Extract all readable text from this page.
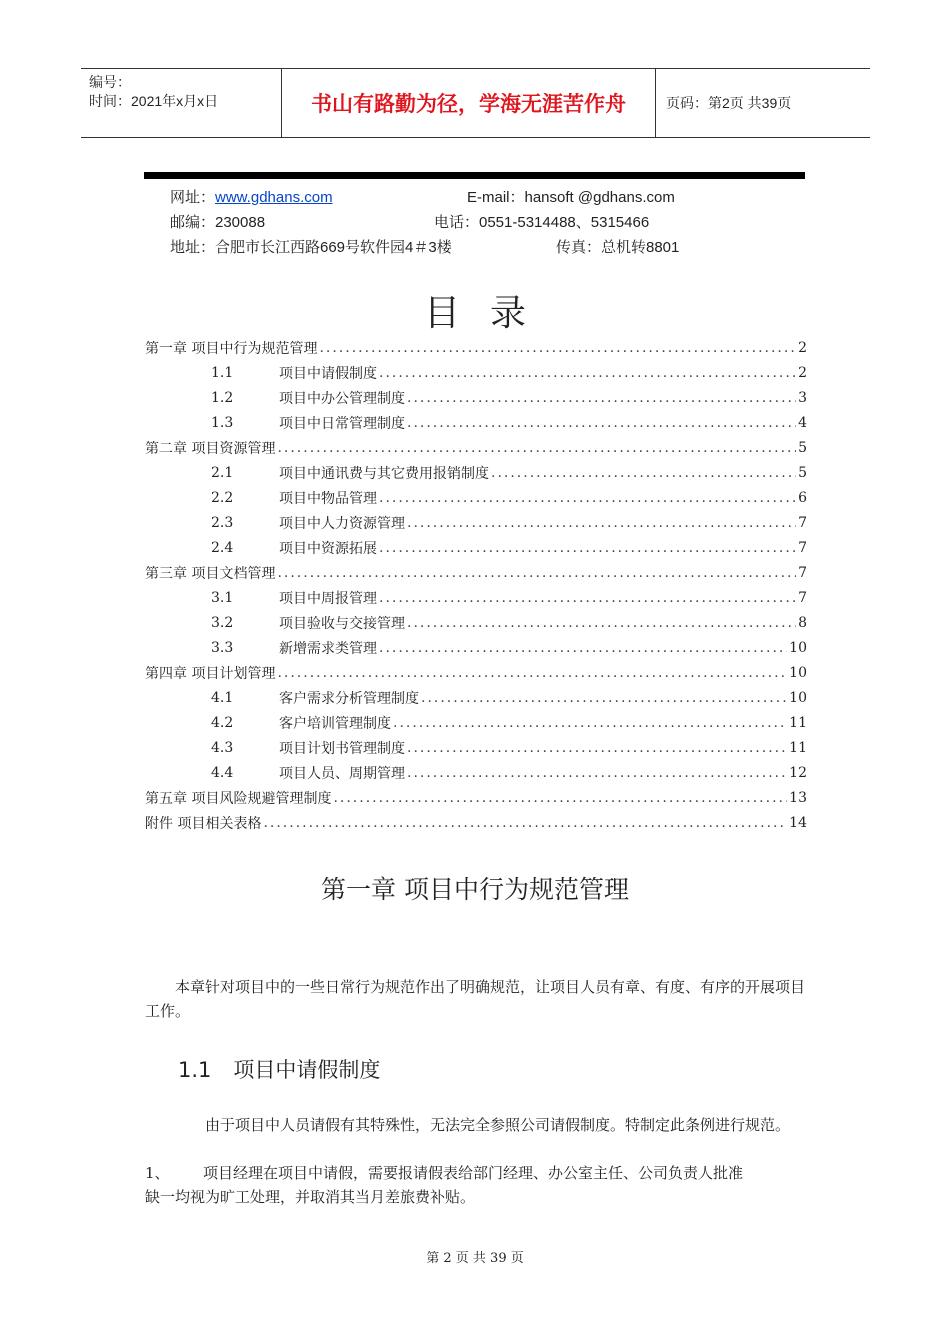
编号：
时间：2021年x月x日	书山有路勤为径，学海无涯苦作舟	页码：第2页 共39页
网址：www.gdhans.com	E-mail：hansoft @gdhans.com
邮编：230088	电话：0551-5314488、5315466
地址：合肥市长江西路669号软件园4＃3楼	传真：总机转8801
目录
第一章 项目中行为规范管理 .....	2
1.1	项目中请假制度 .....	2
1.2	项目中办公管理制度 .....	3
1.3	项目中日常管理制度 .....	4
第二章 项目资源管理 .....	5
2.1	项目中通讯费与其它费用报销制度 .....	5
2.2	项目中物品管理 .....	6
2.3	项目中人力资源管理 .....	7
2.4	项目中资源拓展 .....	7
第三章 项目文档管理 .....	7
3.1	项目中周报管理 .....	7
3.2	项目验收与交接管理 .....	8
3.3	新增需求类管理 .....	10
第四章 项目计划管理 .....	10
4.1	客户需求分析管理制度 .....	10
4.2	客户培训管理制度 .....	11
4.3	项目计划书管理制度 .....	11
4.4	项目人员、周期管理 .....	12
第五章 项目风险规避管理制度 .....	13
附件 项目相关表格 .....	14
第一章 项目中行为规范管理
本章针对项目中的一些日常行为规范作出了明确规范，让项目人员有章、有度、有序的开展项目工作。
1.1 项目中请假制度
由于项目中人员请假有其特殊性，无法完全参照公司请假制度。特制定此条例进行规范。
1、	项目经理在项目中请假，需要报请假表给部门经理、办公室主任、公司负责人批准
缺一均视为旷工处理，并取消其当月差旅费补贴。
第 2 页 共 39 页
